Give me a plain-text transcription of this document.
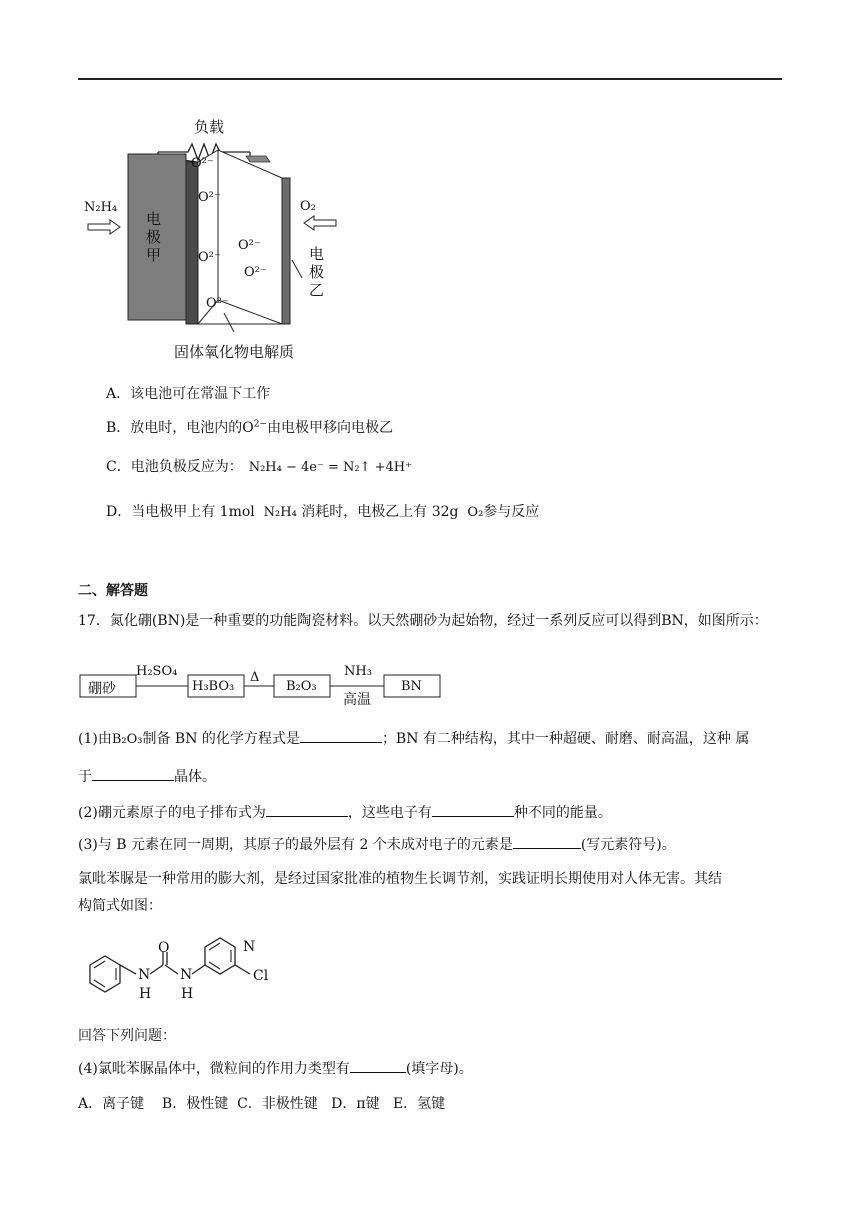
负载
N₂H₄	O₂
电
极
甲	电
极
乙
O²⁻
O²⁻
O²⁻
O²⁻
O²⁻
O²⁻
固体氧化物电解质
A．该电池可在常温下工作
B．放电时，电池内的$O^{2-}$由电极甲移向电极乙
C．电池负极反应为： N₂H₄ − 4e⁻ = N₂↑ +4H⁺
D．当电极甲上有 1mol N₂H₄ 消耗时，电极乙上有 32g O₂参与反应
二、解答题
17．氮化硼(BN)是一种重要的功能陶瓷材料。以天然硼砂为起始物，经过一系列反应可以得到BN，如图所示：
硼砂
H₂SO₄
H₃BO₃
Δ
B₂O₃
NH₃
高温
BN
(1)由B₂O₃制备 BN 的化学方程式是	；BN 有二种结构，其中一种超硬、耐磨、耐高温，这种 属
于	晶体。
(2)硼元素原子的电子排布式为	，这些电子有	种不同的能量。
(3)与 B 元素在同一周期，其原子的最外层有 2 个未成对电子的元素是	(写元素符号)。
氯吡苯脲是一种常用的膨大剂，是经过国家批准的植物生长调节剂，实践证明长期使用对人体无害。其结
构简式如图：
O
N
H
N
H
N
Cl
回答下列问题：
(4)氯吡苯脲晶体中，微粒间的作用力类型有	(填字母)。
A．离子键    B．极性键  C．非极性键   D．π键   E．氢键
